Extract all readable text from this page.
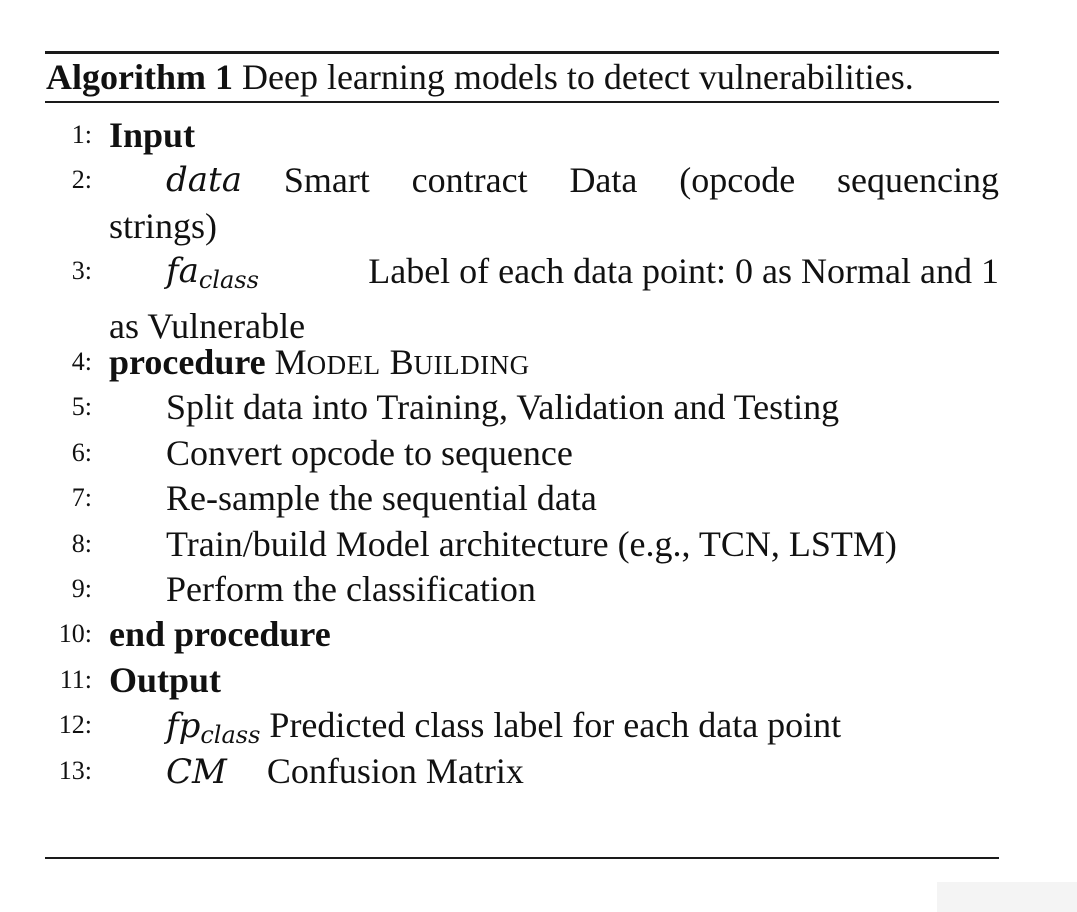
Algorithm 1 Deep learning models to detect vulnerabilities.
1: Input
2: data Smart contract Data (opcode sequencing
strings)
3: $fa_{class}$	Label of each data point: 0 as Normal and 1
as Vulnerable
4: procedure MODEL BUILDING
5:	Split data into Training, Validation and Testing
6:	Convert opcode to sequence
7:	Re-sample the sequential data
8:	Train/build Model architecture (e.g., TCN, LSTM)
9:	Perform the classification
10: end procedure
11: Output
12:	$fp_{class}$ Predicted class label for each data point
13:	CM Confusion Matrix
